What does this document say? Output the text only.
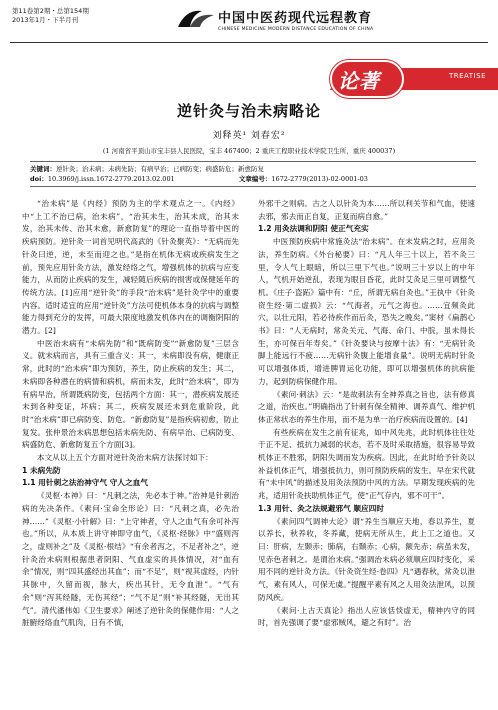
第11卷第2期・总第154期
2013年1月・下半月刊	中国中医药现代远程教育
CHINESE MEDICINE MODERN DISTANCE EDUCATION OF CHINA
TREATISE
论著
逆针灸与治未病略论
刘释英¹ 刘春宏²
(1 河南省平顶山市宝丰县人民医院，宝丰 467400；2 重庆工程职业技术学院卫生所，重庆 400037)
关键词：逆针灸；治未病；未病先防；有病早治；已病防变；病盛防危；新愈防复
doi：10.3969/j.issn.1672-2779.2013.02.001	文章编号：1672-2779(2013)-02-0001-03

“治未病”是《内经》预防为主的学术观点之一。《内经》中“上工不治已病，治未病”，“治其未生，治其未成，治其未发，治其未传、治其未愈，新愈防复”的理论一直指导着中医的疾病预防。逆针灸一词首见明代高武的《针灸聚英》：“无病而先针灸曰逆，逆，未至而迎之也。”是指在机体无病或疾病发生之前，预先应用针灸方法，激发经络之气，增强机体的抗病与应变能力，从而防止疾病的发生，减轻随后疾病的损害或保健延年的传统方法。[1]应用“逆针灸”的手段“治未病”是针灸学中的重要内容。适时适宜的应用“逆针灸”方法可使机体本身的抗病与调整能力得到充分的发挥，可最大限度地激发机体内在的调衡阴阳的潜力。[2]

中医治未病有“未病先防”和“既病防变”“新愈防复”三层含义。就未病而言，具有三重含义：其一，未病即没有病，健康正常，此时的“治未病”即为预防，养生，防止疾病的发生；其二，未病即各种潜在的病情和病机，病而未发，此时“治未病”，即为有病早治，所谓既病防变，包括两个方面：其一，潜疾病发展还未到各种变证，坏病；其二，疾病发展还未到危重阶段，此时“治未病”即已病防变、防危。“新愈防复”是指疾病初愈，防止复发。张仲景治未病思想包括未病先防、有病早治、已病防变、病盛防危、新愈防复五个方面[3]。

本文从以上五个方面对逆针灸治未病方法探讨如下：

1 未病先防

1.1 用针刺之法治神守气 守人之血气

《灵枢·本神》曰：“凡刺之法，先必本于神。”治神是针刺治病的先决条件。《素问·宝命全形论》曰：“凡刺之真，必先治神……”《灵枢·小针解》曰：“上守神者，守人之血气有余可补泻也。”所以，从本质上讲守神即守血气，《灵枢·经脉》中“盛则泻之，虚则补之”及《灵枢·根结》“有余者泻之，不足者补之”，逆针灸治未病则根据患者阴阳、气血虚实的具体情况，对“血有余”情况，则“四其盛经出其血”；而“不足”，则“视其虚经，内针其脉中，久留而视，脉大，疾出其针，无令血泄”。“气有余”则“泻其经隧，无伤其经”；“气不足”则“补其经隧，无出其气”。清代潘伟如《卫生要求》阐述了逆针灸的保健作用：“人之脏腑经络血气肌肉，日有不慎，

外邪干之则病。古之人以针灸为本……所以利关节和气血，使速去邪，邪去而正自复，正复而病自愈。”

1.2 用灸法调和阴阳 使正气充实

中医预防疾病中常施灸法“治未病”。在未发病之时，应用灸法，养生防病。《外台秘要》曰：“凡人年三十以上，若不灸三里，令人气上眼暗，所以三里下气也。”说明三十岁以上的中年人，气机开始逆乱，表现为眼目昏花，此时艾灸足三里可调整气机。《庄子·盗跖》篇中有：“丘，所谓无病自灸也。”王执中《针灸资生经·第二虚损》云：“气海者，元气之海也。……宜频灸此穴，以壮元阳，若必待疾作而后灸，恐失之晚矣。”窦材《扁鹊心书》曰：“人无病时，常灸关元、气海、命门、中脘，虽未得长生，亦可保百年寿矣。”《针灸要诀与按摩十法》有：“无病针灸脚上能远行不疲……无病针灸腹上能增食量”。说明无病时针灸可以增强体质，增进脾胃运化功能，即可以增强机体的抗病能力，起到防病保健作用。

《素问·刺法》云：“是故刺法有全神养真之旨也，法有修真之道，治疾也。”明确指出了针刺有保全精神、调养真气、维护机体正常状态的养生作用，而不是为单一治疗疾病而设置的。[4]

有些疾病在发生之前有征兆，如中风先兆，此时机体往往处于正不足、抵抗力减弱的状态，若不及时采取措施，很容易导致机体正不胜邪，阴阳失调而发为疾病。因此，在此时给予针灸以补益机体正气，增强抵抗力，则可预防疾病的发生。早在宋代就有“未中风”的描述及用灸法预防中风的方法。早期发现疾病的先兆，适用针灸扶助机体正气，使“正气存内，邪不可干”。

1.3 用针、灸之法规避邪气 顺应四时

《素问四气调神大论》谓“养生当顺应天地，春以养生，夏以养长，秋养收，冬养藏，使病无所从生，此上工之道也。又曰：肝病，左颞赤；肺病，右颞赤；心病，额先赤；病虽未发，见赤色者刺之。是谓治未病。”强调治未病必须顺应四时变化，采用不同的逆针灸方法。《针灸资生经·卷四》凡“遇春秋，常灸以泄气，素有风人，可保无虞。”提醒平素有风之人用灸法泄风，以预防风疾。

《素问·上古天真论》指出人应该恬惔虚无，精神内守的同时，首先强调了要“虚邪贼风，避之有时”。治
